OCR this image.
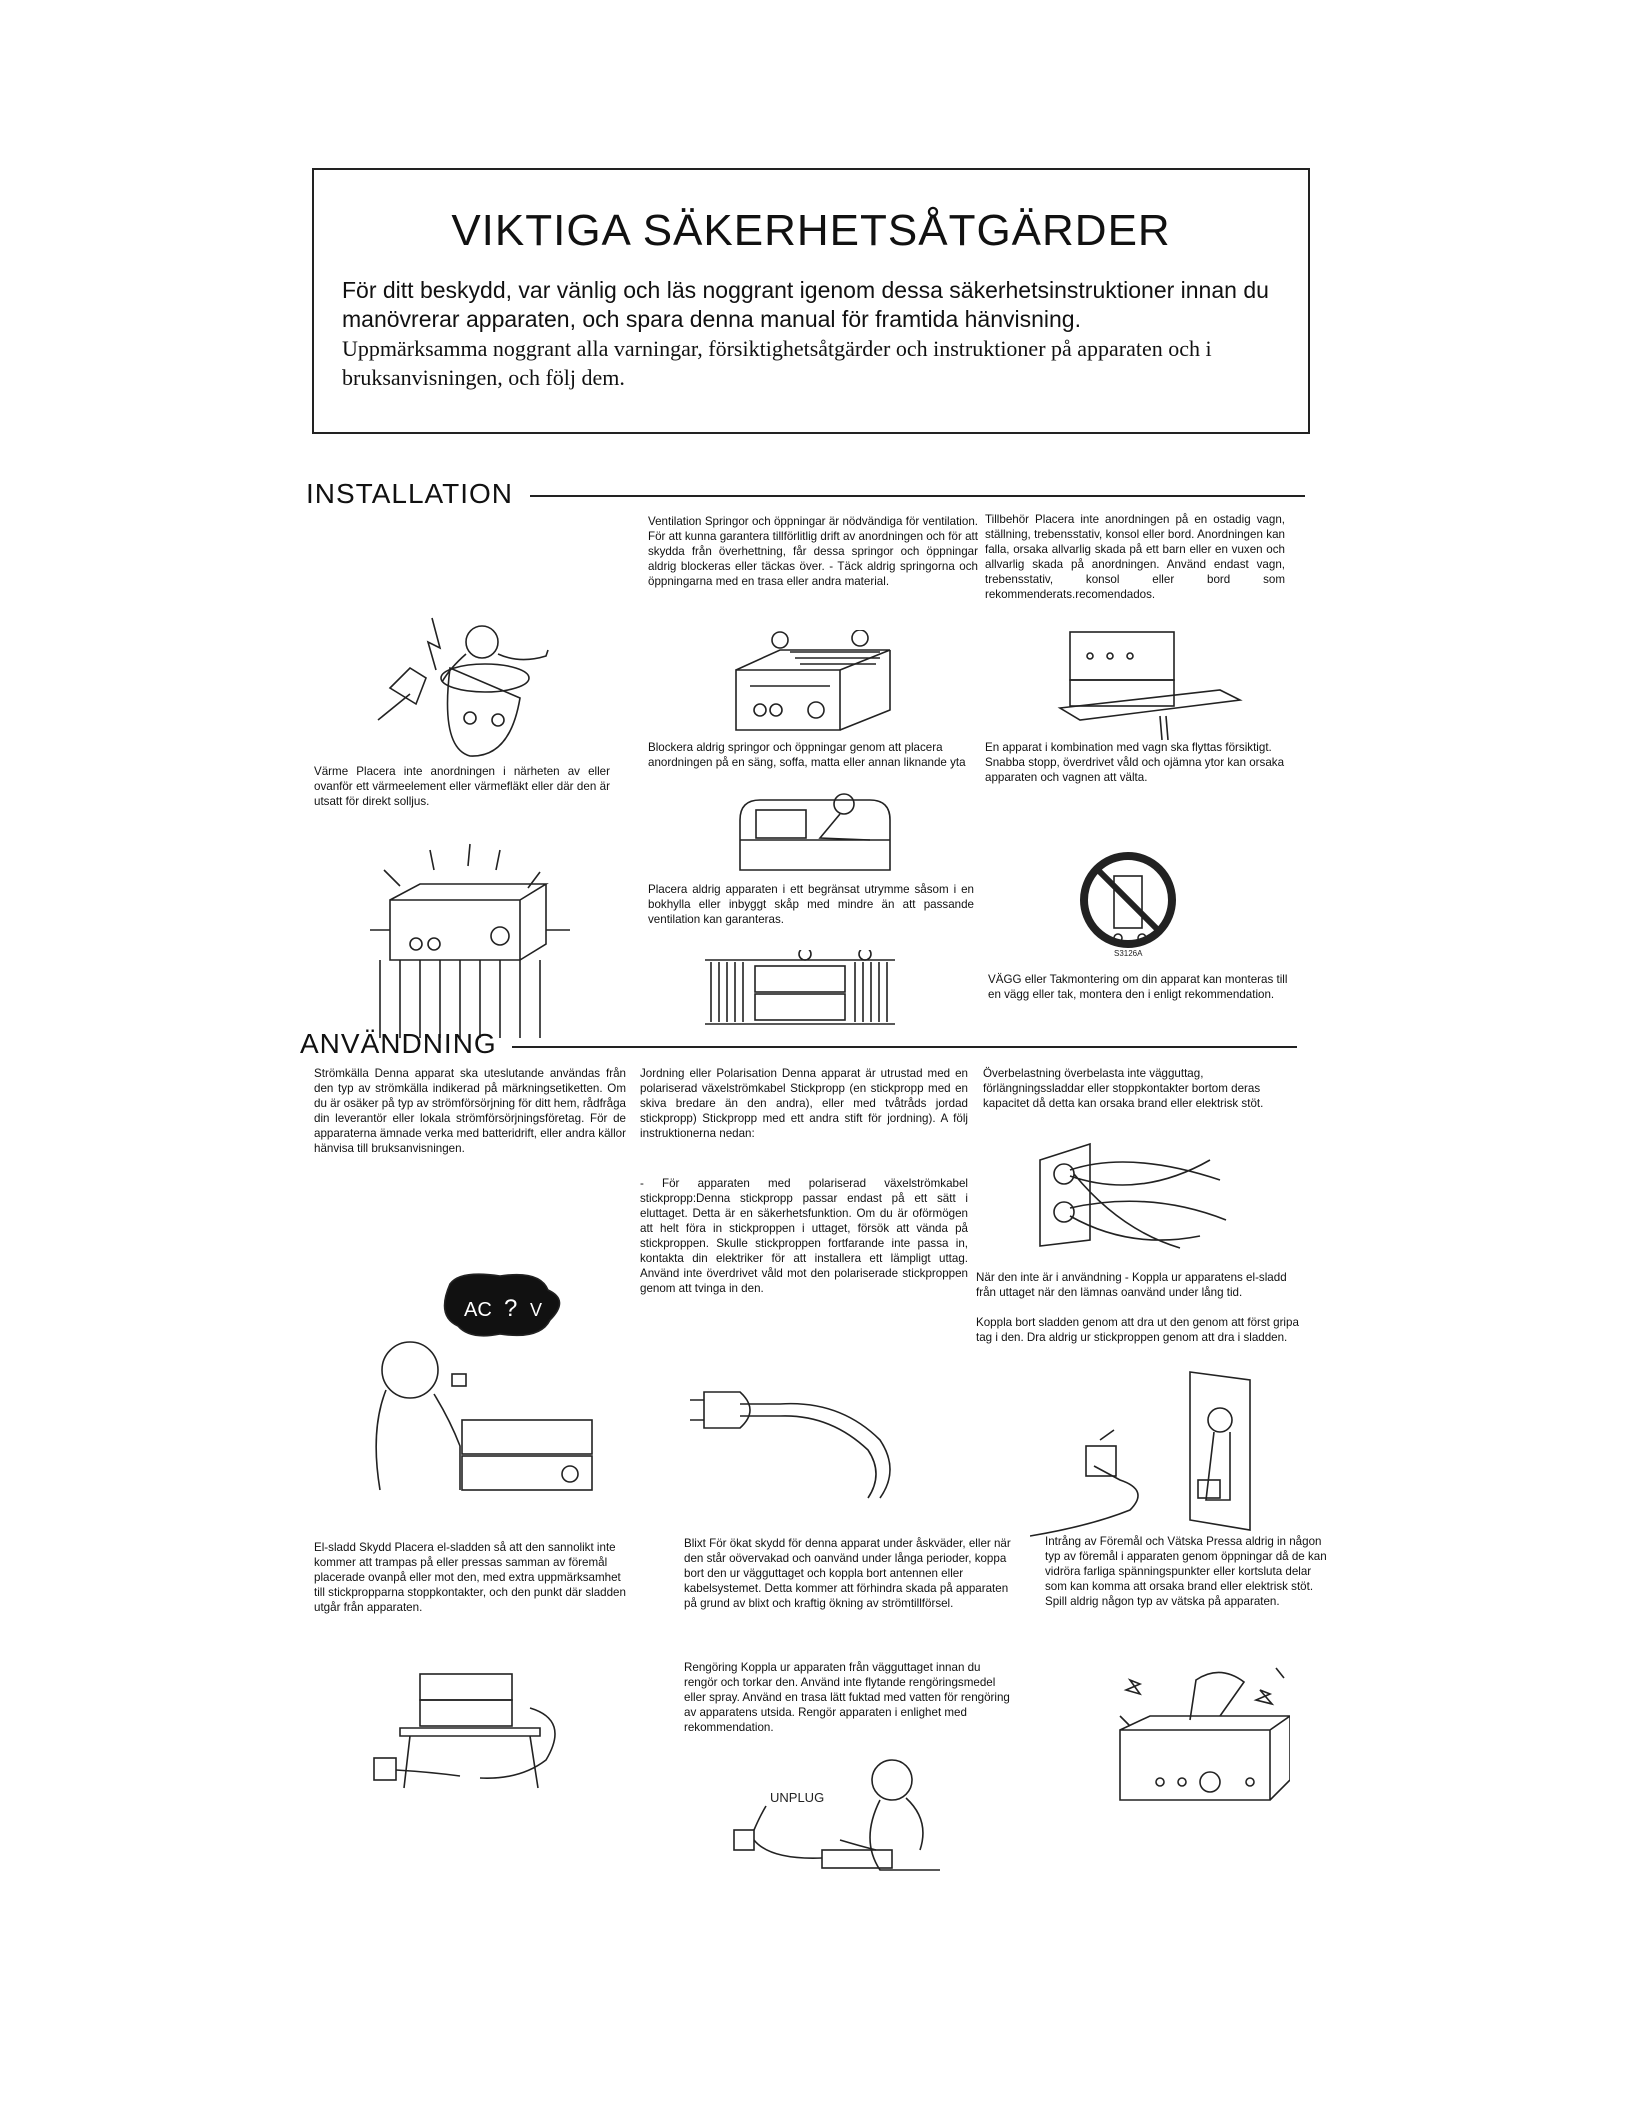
VIKTIGA SÄKERHETSÅTGÄRDER
För ditt beskydd, var vänlig och läs noggrant igenom dessa säkerhetsinstruktioner innan du manövrerar apparaten, och spara denna manual för framtida hänvisning.
Uppmärksamma noggrant alla varningar, försiktighetsåtgärder och instruktioner på apparaten och i bruksanvisningen, och följ dem.
INSTALLATION
Ventilation Springor och öppningar är nödvändiga för ventilation. För att kunna garantera tillförlitlig drift av anordningen och för att skydda från överhettning, får dessa springor och öppningar aldrig blockeras eller täckas över. - Täck aldrig springorna och öppningarna med en trasa eller andra material.
Tillbehör Placera inte anordningen på en ostadig vagn, ställning, trebensstativ, konsol eller bord. Anordningen kan falla, orsaka allvarlig skada på ett barn eller en vuxen och allvarlig skada på anordningen. Använd endast vagn, trebensstativ, konsol eller bord som rekommenderats.recomendados.
Blockera aldrig springor och öppningar genom att placera anordningen på en säng, soffa, matta eller annan liknande yta
En apparat i kombination med vagn ska flyttas försiktigt. Snabba stopp, överdrivet våld och ojämna ytor kan orsaka apparaten och vagnen att välta.
Värme Placera inte anordningen i närheten av eller ovanför ett värmeelement eller värmefläkt eller där den är utsatt för direkt solljus.
Placera aldrig apparaten i ett begränsat utrymme såsom i en bokhylla eller inbyggt skåp med mindre än att passande ventilation kan garanteras.
VÄGG eller Takmontering om din apparat kan monteras till en vägg eller tak, montera den i enligt rekommendation.
S3126A
ANVÄNDNING
Strömkälla Denna apparat ska uteslutande användas från den typ av strömkälla indikerad på märkningsetiketten. Om du är osäker på typ av strömförsörjning för ditt hem, rådfråga din leverantör eller lokala strömförsörjningsföretag. För de apparaterna ämnade verka med batteridrift, eller andra källor hänvisa till bruksanvisningen.
Jordning eller Polarisation Denna apparat är utrustad med en polariserad växelströmkabel Stickpropp (en stickpropp med en skiva bredare än den andra), eller med tvåtråds jordad stickpropp) Stickpropp med ett andra stift för jordning). A följ instruktionerna nedan:
- För apparaten med polariserad växelströmkabel stickpropp:Denna stickpropp passar endast på ett sätt i eluttaget. Detta är en säkerhetsfunktion. Om du är oförmögen att helt föra in stickproppen i uttaget, försök att vända på stickproppen. Skulle stickproppen fortfarande inte passa in, kontakta din elektriker för att installera ett lämpligt uttag. Använd inte överdrivet våld mot den polariserade stickproppen genom att tvinga in den.
Överbelastning överbelasta inte vägguttag, förlängningssladdar eller stoppkontakter bortom deras kapacitet då detta kan orsaka brand eller elektrisk stöt.
När den inte är i användning - Koppla ur apparatens el-sladd från uttaget när den lämnas oanvänd under lång tid.
Koppla bort sladden genom att dra ut den genom att först gripa tag i den. Dra aldrig ur stickproppen genom att dra i sladden.
El-sladd Skydd Placera el-sladden så att den sannolikt inte kommer att trampas på eller pressas samman av föremål placerade ovanpå eller mot den, med extra uppmärksamhet till stickpropparna stoppkontakter, och den punkt där sladden utgår från apparaten.
Blixt För ökat skydd för denna apparat under åskväder, eller när den står oövervakad och oanvänd under långa perioder, koppa bort den ur vägguttaget och koppla bort antennen eller kabelsystemet. Detta kommer att förhindra skada på apparaten på grund av blixt och kraftig ökning av strömtillförsel.
Rengöring Koppla ur apparaten från vägguttaget innan du rengör och torkar den. Använd inte flytande rengöringsmedel eller spray. Använd en trasa lätt fuktad med vatten för rengöring av apparatens utsida. Rengör apparaten i enlighet med rekommendation.
Intrång av Föremål och Vätska Pressa aldrig in någon typ av föremål i apparaten genom öppningar då de kan vidröra farliga spänningspunkter eller kortsluta delar som kan komma att orsaka brand eller elektrisk stöt. Spill aldrig någon typ av vätska på apparaten.
AC ? V
UNPLUG
